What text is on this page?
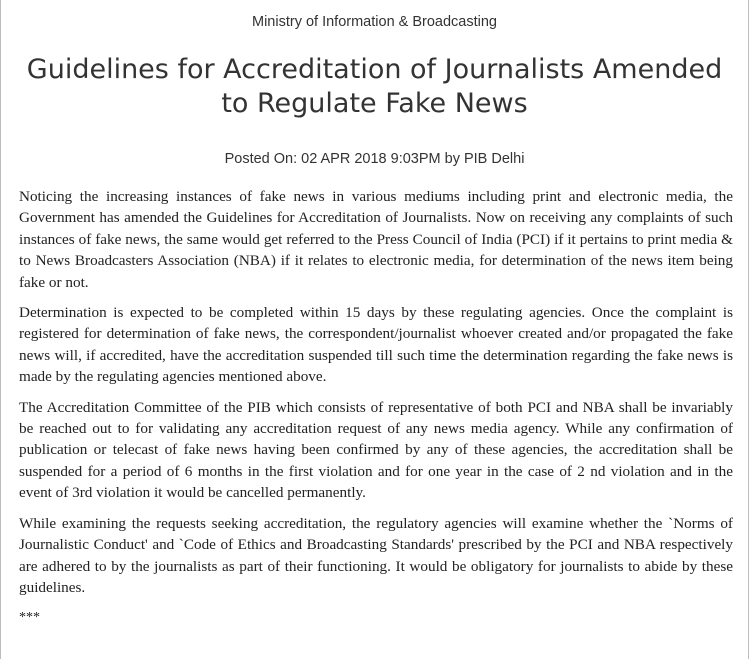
Ministry of Information & Broadcasting
Guidelines for Accreditation of Journalists Amended to Regulate Fake News
Posted On: 02 APR 2018 9:03PM by PIB Delhi

Noticing the increasing instances of fake news in various mediums including print and electronic media, the Government has amended the Guidelines for Accreditation of Journalists. Now on receiving any complaints of such instances of fake news, the same would get referred to the Press Council of India (PCI) if it pertains to print media & to News Broadcasters Association (NBA) if it relates to electronic media, for determination of the news item being fake or not.

Determination is expected to be completed within 15 days by these regulating agencies. Once the complaint is registered for determination of fake news, the correspondent/journalist whoever created and/or propagated the fake news will, if accredited, have the accreditation suspended till such time the determination regarding the fake news is made by the regulating agencies mentioned above.

The Accreditation Committee of the PIB which consists of representative of both PCI and NBA shall be invariably be reached out to for validating any accreditation request of any news media agency. While any confirmation of publication or telecast of fake news having been confirmed by any of these agencies, the accreditation shall be suspended for a period of 6 months in the first violation and for one year in the case of 2 nd violation and in the event of 3rd violation it would be cancelled permanently.

While examining the requests seeking accreditation, the regulatory agencies will examine whether the `Norms of Journalistic Conduct' and `Code of Ethics and Broadcasting Standards' prescribed by the PCI and NBA respectively are adhered to by the journalists as part of their functioning. It would be obligatory for journalists to abide by these guidelines.

***
